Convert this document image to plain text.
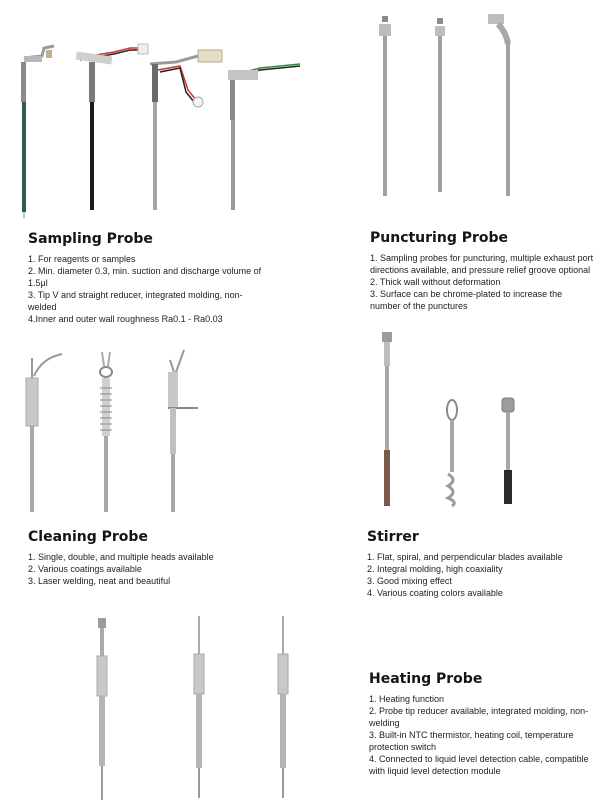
Sampling Probe
1. For reagents or samples
2. Min. diameter 0.3, min. suction and discharge volume of 1.5μl
3. Tip V and straight reducer, integrated molding, non-welded
4.Inner and outer wall roughness Ra0.1 - Ra0.03
Puncturing Probe
1. Sampling probes for puncturing, multiple exhaust port directions available, and pressure relief groove optional
2. Thick wall without deformation
3. Surface can be chrome-plated to increase the number of the punctures
Cleaning Probe
1. Single, double, and multiple heads available
2. Various coatings available
3. Laser welding, neat and beautiful
Stirrer
1. Flat, spiral, and perpendicular blades available
2. Integral molding, high coaxiality
3. Good mixing effect
4. Various coating colors available
Heating Probe
1. Heating function
2. Probe tip reducer available, integrated molding, non-welding
3. Built-in NTC thermistor, heating coil, temperature protection switch
4. Connected to liquid level detection cable, compatible with liquid level detection module
